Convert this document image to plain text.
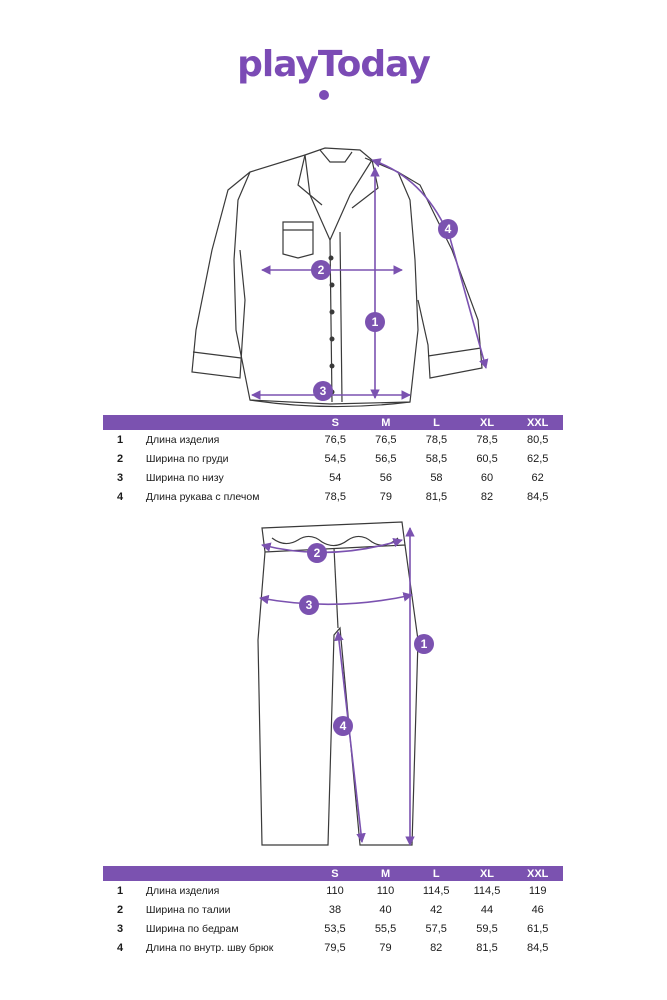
playToday
1
2
3
4
1
2
3
4
		S	M	L	XL	XXL
1	Длина изделия	76,5	76,5	78,5	78,5	80,5
2	Ширина по груди	54,5	56,5	58,5	60,5	62,5
3	Ширина по низу	54	56	58	60	62
4	Длина рукава с плечом	78,5	79	81,5	82	84,5
		S	M	L	XL	XXL
1	Длина изделия	110	110	114,5	114,5	119
2	Ширина по талии	38	40	42	44	46
3	Ширина по бедрам	53,5	55,5	57,5	59,5	61,5
4	Длина по внутр. шву брюк	79,5	79	82	81,5	84,5
